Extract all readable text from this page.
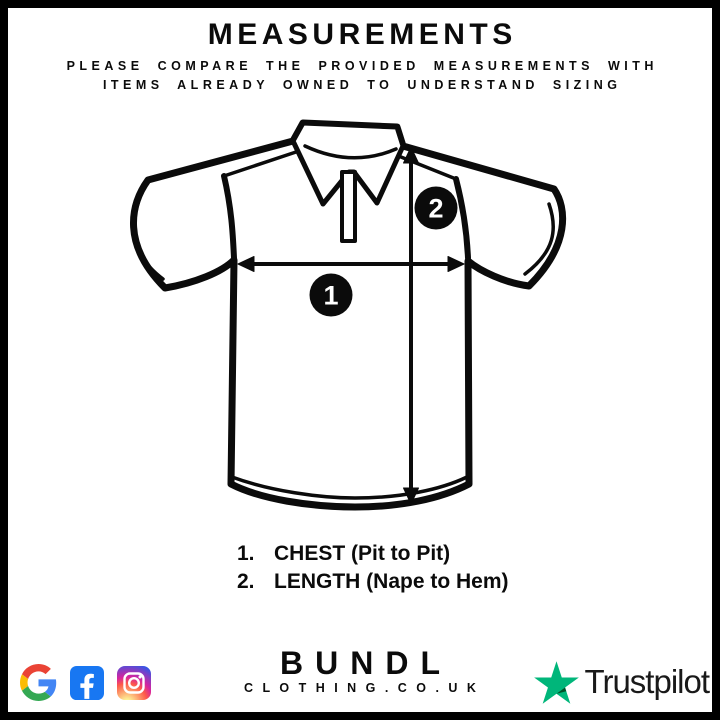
MEASUREMENTS

PLEASE COMPARE THE PROVIDED MEASUREMENTS WITH

ITEMS ALREADY OWNED TO UNDERSTAND SIZING

1
2
1. CHEST (Pit to Pit)
2. LENGTH (Nape to Hem)
BUNDL
C L O T H I N G . C O . U K	Trustpilot
